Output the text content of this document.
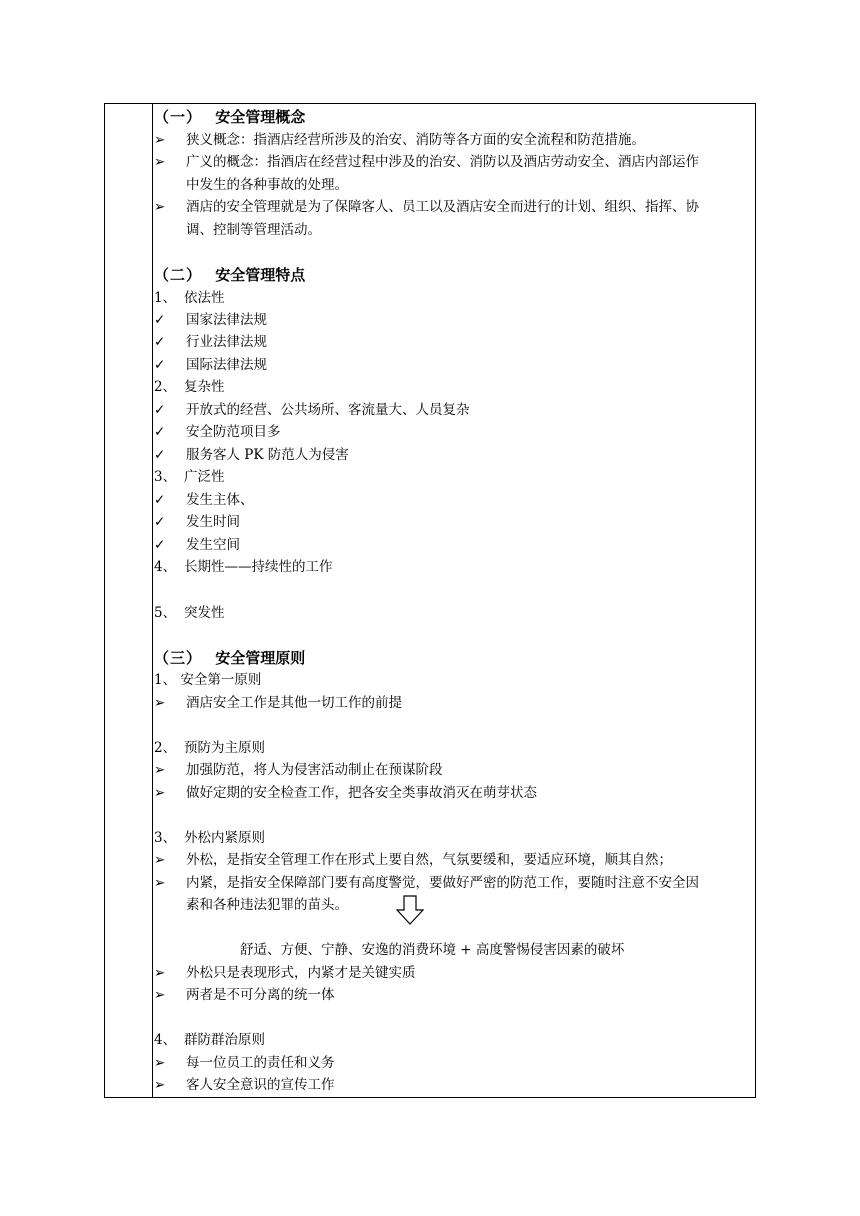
（一） 安全管理概念
➢	狭义概念：指酒店经营所涉及的治安、消防等各方面的安全流程和防范措施。
➢	广义的概念：指酒店在经营过程中涉及的治安、消防以及酒店劳动安全、酒店内部运作
中发生的各种事故的处理。
➢	酒店的安全管理就是为了保障客人、员工以及酒店安全而进行的计划、组织、指挥、协
调、控制等管理活动。
（二） 安全管理特点
1、 依法性
✓	国家法律法规
✓	行业法律法规
✓	国际法律法规
2、 复杂性
✓	开放式的经营、公共场所、客流量大、人员复杂
✓	安全防范项目多
✓	服务客人 PK 防范人为侵害
3、 广泛性
✓	发生主体、
✓	发生时间
✓	发生空间
4、 长期性——持续性的工作
5、 突发性
（三） 安全管理原则
1、 安全第一原则
➢	酒店安全工作是其他一切工作的前提
2、 预防为主原则
➢	加强防范，将人为侵害活动制止在预谋阶段
➢	做好定期的安全检查工作，把各安全类事故消灭在萌芽状态
3、 外松内紧原则
➢	外松，是指安全管理工作在形式上要自然，气氛要缓和，要适应环境，顺其自然；
➢	内紧，是指安全保障部门要有高度警觉，要做好严密的防范工作，要随时注意不安全因
素和各种违法犯罪的苗头。
舒适、方便、宁静、安逸的消费环境 + 高度警惕侵害因素的破坏
➢	外松只是表现形式，内紧才是关键实质
➢	两者是不可分离的统一体
4、 群防群治原则
➢	每一位员工的责任和义务
➢	客人安全意识的宣传工作
